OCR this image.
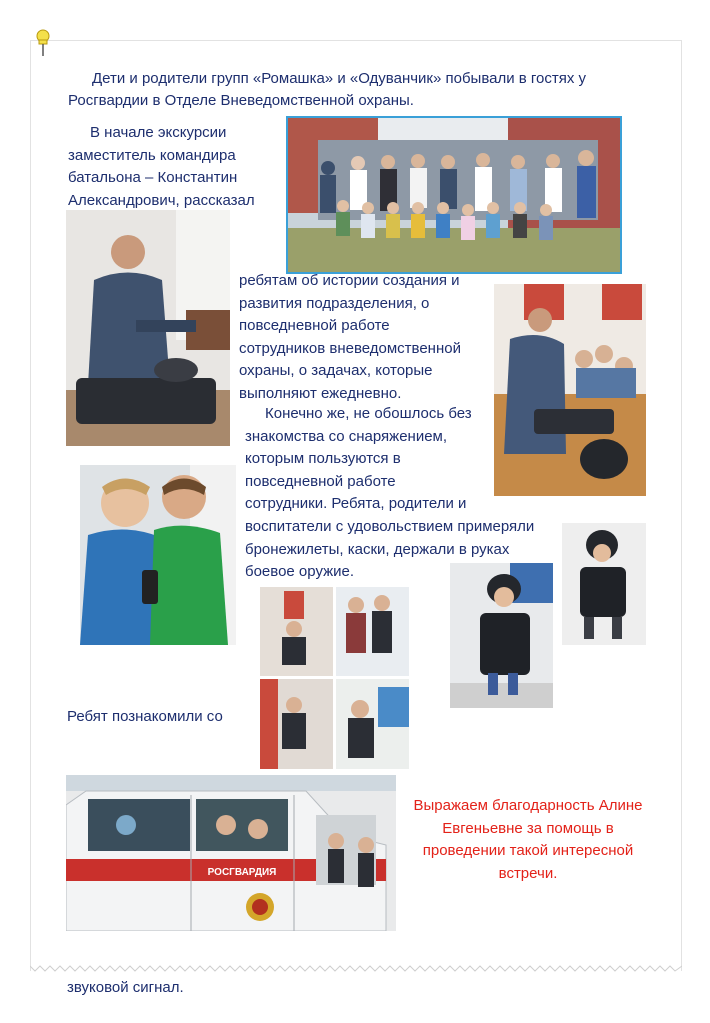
Дети и родители групп «Ромашка» и «Одуванчик» побывали в гостях у

Росгвардии в Отделе Вневедомственной охраны.

В начале экскурсии
заместитель командира
батальона – Константин
Александрович, рассказал
ребятам об истории создания и
развития подразделения, о
повседневной работе
сотрудников вневедомственной
охраны, о задачах, которые
выполняют ежедневно.
Конечно же, не обошлось без
знакомства со снаряжением,
которым пользуются в
повседневной работе
сотрудники. Ребята, родители и
воспитатели с удовольствием примеряли
бронежилеты, каски, держали в руках
боевое оружие.

Ребят познакомили со

звуковой сигнал.

РОСГВАРДИЯ
Выражаем благодарность Алине
Евгеньевне за помощь в
проведении такой интересной
встречи.
